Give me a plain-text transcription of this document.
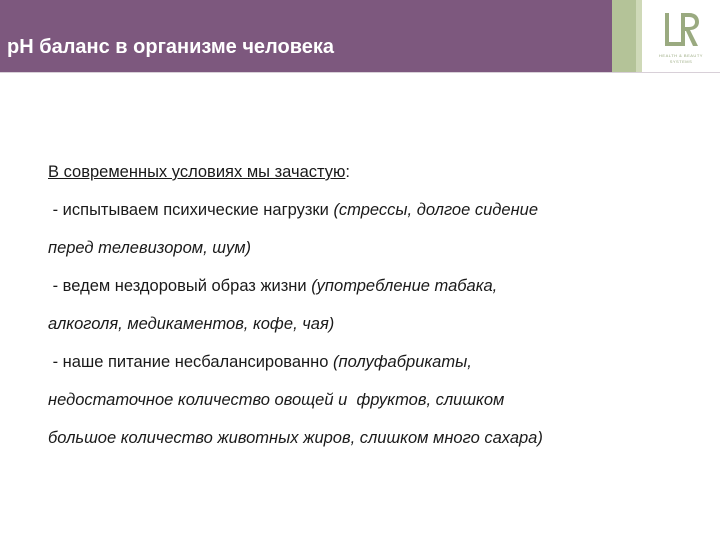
pH баланс в организме человека	HEALTH & BEAUTY
SYSTEMS
В современных условиях мы зачастую:
- испытываем психические нагрузки (стрессы, долгое сидение
перед телевизором, шум)
- ведем нездоровый образ жизни (употребление табака,
алкоголя, медикаментов, кофе, чая)
- наше питание несбалансированно (полуфабрикаты,
недостаточное количество овощей и  фруктов, слишком
большое количество животных жиров, слишком много сахара)
